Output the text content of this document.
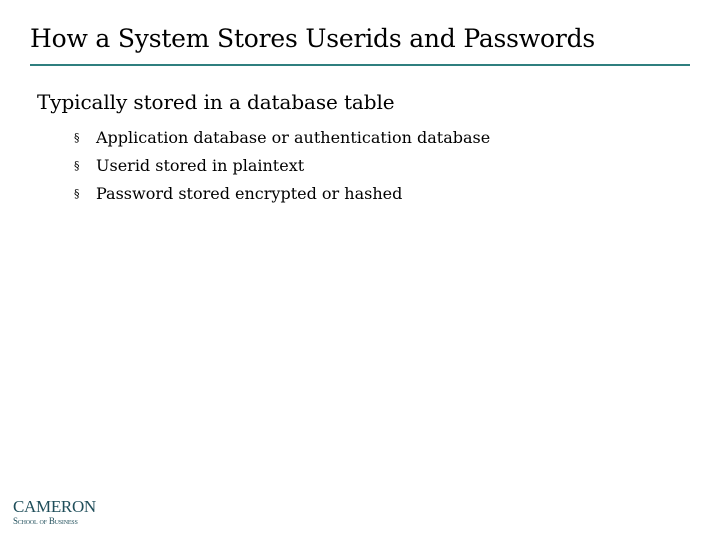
How a System Stores Userids and Passwords
Typically stored in a database table
§ Application database or authentication database
§ Userid stored in plaintext
§ Password stored encrypted or hashed
CAMERON
School of Business
